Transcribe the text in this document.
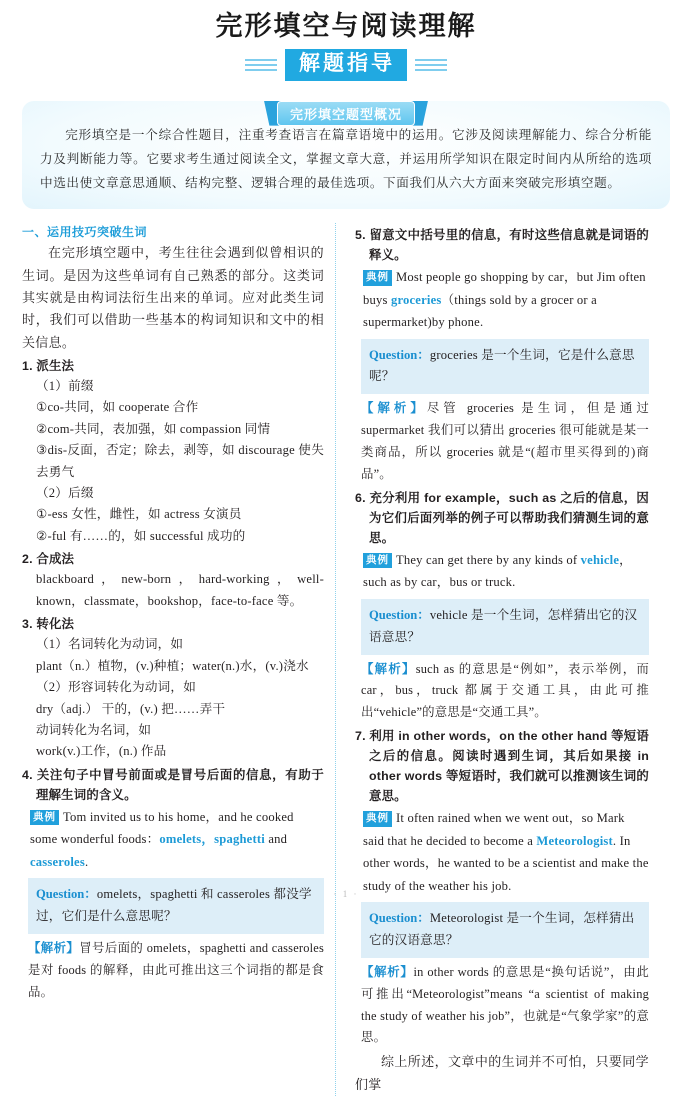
完形填空与阅读理解
解题指导
完形填空题型概况

完形填空是一个综合性题目，注重考查语言在篇章语境中的运用。它涉及阅读理解能力、综合分析能力及判断能力等。它要求考生通过阅读全文，掌握文章大意，并运用所学知识在限定时间内从所给的选项中选出使文章意思通顺、结构完整、逻辑合理的最佳选项。下面我们从六大方面来突破完形填空题。

一、运用技巧突破生词

在完形填空题中，考生往往会遇到似曾相识的生词。是因为这些单词有自己熟悉的部分。这类词其实就是由构词法衍生出来的单词。应对此类生词时，我们可以借助一些基本的构词知识和文中的相关信息。

1. 派生法

（1）前缀

①co-共同，如 cooperate 合作

②com-共同，表加强，如 compassion 同情

③dis-反面，否定；除去，剥等，如 discourage 使失去勇气

（2）后缀

①-ess 女性，雌性，如 actress 女演员

②-ful 有……的，如 successful 成功的

2. 合成法

blackboard，new-born，hard-working，well-known，classmate，bookshop，face-to-face 等。

3. 转化法

（1）名词转化为动词，如

plant（n.）植物，(v.)种植；water(n.)水，(v.)浇水

（2）形容词转化为动词，如

dry（adj.） 干的，(v.) 把……弄干

动词转化为名词，如

work(v.)工作，(n.) 作品

4. 关注句子中冒号前面或是冒号后面的信息，有助于理解生词的含义。

典例 Tom invited us to his home，and he cooked some wonderful foods：omelets，spaghetti and casseroles.
Question：omelets，spaghetti 和 casseroles 都没学过，它们是什么意思呢？
【解析】冒号后面的 omelets，spaghetti and casseroles 是对 foods 的解释，由此可推出这三个词指的都是食品。

5. 留意文中括号里的信息，有时这些信息就是词语的释义。

典例 Most people go shopping by car，but Jim often buys groceries（things sold by a grocer or a supermarket)by phone.
Question：groceries 是一个生词，它是什么意思呢？
【解析】尽管 groceries 是生词，但是通过 supermarket 我们可以猜出 groceries 很可能就是某一类商品，所以 groceries 就是“(超市里买得到的)商品”。

6. 充分利用 for example，such as 之后的信息，因为它们后面列举的例子可以帮助我们猜测生词的意思。

典例 They can get there by any kinds of vehicle，such as by car，bus or truck.
Question：vehicle 是一个生词，怎样猜出它的汉语意思？
【解析】such as 的意思是“例如”，表示举例，而 car，bus，truck 都属于交通工具，由此可推出“vehicle”的意思是“交通工具”。

7. 利用 in other words，on the other hand 等短语之后的信息。阅读时遇到生词，其后如果接 in other words 等短语时，我们就可以推测该生词的意思。

典例 It often rained when we went out，so Mark said that he decided to become a Meteorologist. In other words，he wanted to be a scientist and make the study of the weather his job.
Question：Meteorologist 是一个生词，怎样猜出它的汉语意思？
【解析】in other words 的意思是“换句话说”，由此可推出“Meteorologist”means “a scientist of making the study of weather his job”，也就是“气象学家”的意思。

综上所述，文章中的生词并不可怕，只要同学们掌

· 1 ·
